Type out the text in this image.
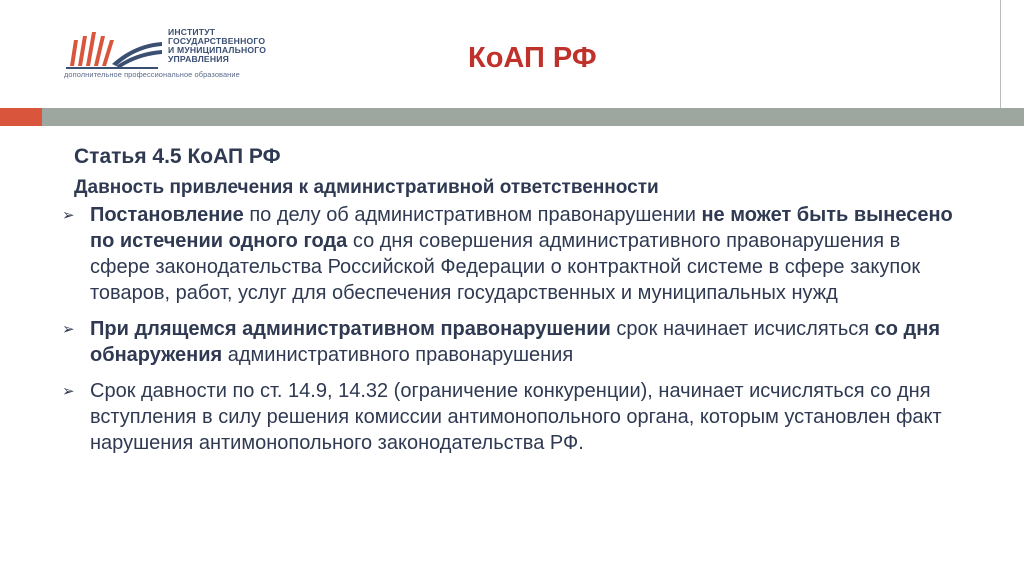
ИНСТИТУТ
ГОСУДАРСТВЕННОГО
И МУНИЦИПАЛЬНОГО
УПРАВЛЕНИЯ
дополнительное профессиональное образование
КоАП РФ
Статья 4.5 КоАП РФ
Давность привлечения к административной ответственности
➢ Постановление по делу об административном правонарушении не может быть вынесено по истечении одного года со дня совершения административного правонарушения в сфере законодательства Российской Федерации о контрактной системе в сфере закупок товаров, работ, услуг для обеспечения государственных и муниципальных нужд
➢ При длящемся административном правонарушении срок начинает исчисляться со дня обнаружения административного правонарушения
➢ Срок давности по ст. 14.9, 14.32 (ограничение конкуренции), начинает исчисляться со дня вступления в силу решения комиссии антимонопольного органа, которым установлен факт нарушения антимонопольного законодательства РФ.
